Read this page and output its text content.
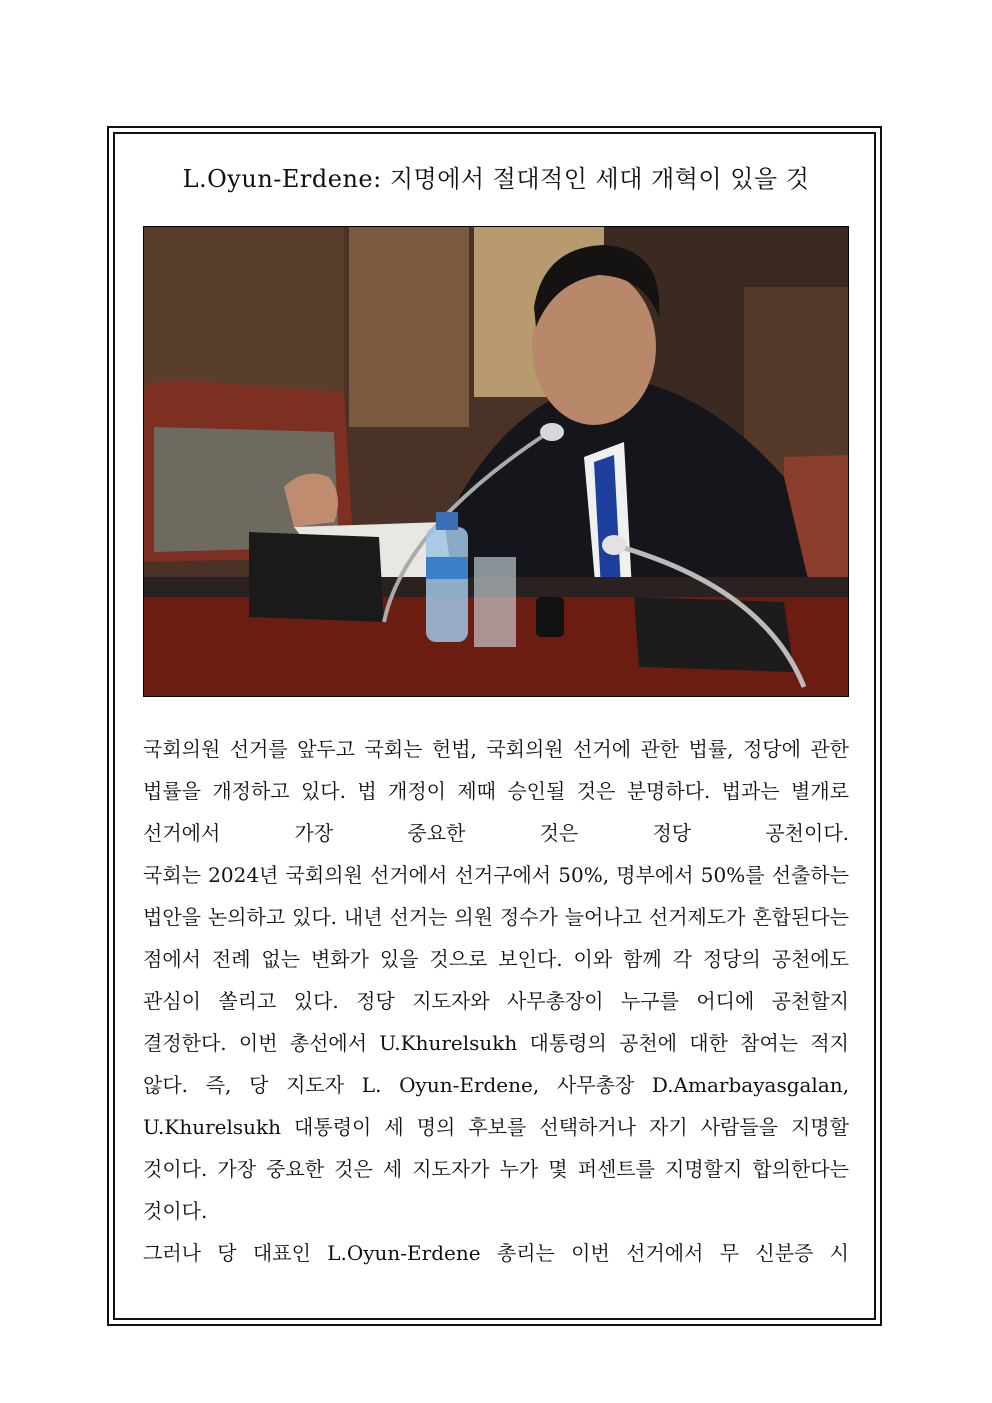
L.Oyun-Erdene: 지명에서 절대적인 세대 개혁이 있을 것

국회의원 선거를 앞두고 국회는 헌법, 국회의원 선거에 관한 법률, 정당에 관한 법률을 개정하고 있다. 법 개정이 제때 승인될 것은 분명하다. 법과는 별개로 선거에서 가장 중요한 것은 정당 공천이다.

국회는 2024년 국회의원 선거에서 선거구에서 50%, 명부에서 50%를 선출하는 법안을 논의하고 있다. 내년 선거는 의원 정수가 늘어나고 선거제도가 혼합된다는 점에서 전례 없는 변화가 있을 것으로 보인다. 이와 함께 각 정당의 공천에도 관심이 쏠리고 있다. 정당 지도자와 사무총장이 누구를 어디에 공천할지 결정한다. 이번 총선에서 U.Khurelsukh 대통령의 공천에 대한 참여는 적지 않다. 즉, 당 지도자 L. Oyun-Erdene, 사무총장 D.Amarbayasgalan, U.Khurelsukh 대통령이 세 명의 후보를 선택하거나 자기 사람들을 지명할 것이다. 가장 중요한 것은 세 지도자가 누가 몇 퍼센트를 지명할지 합의한다는 것이다.

그러나 당 대표인 L.Oyun-Erdene 총리는 이번 선거에서 무 신분증 시
